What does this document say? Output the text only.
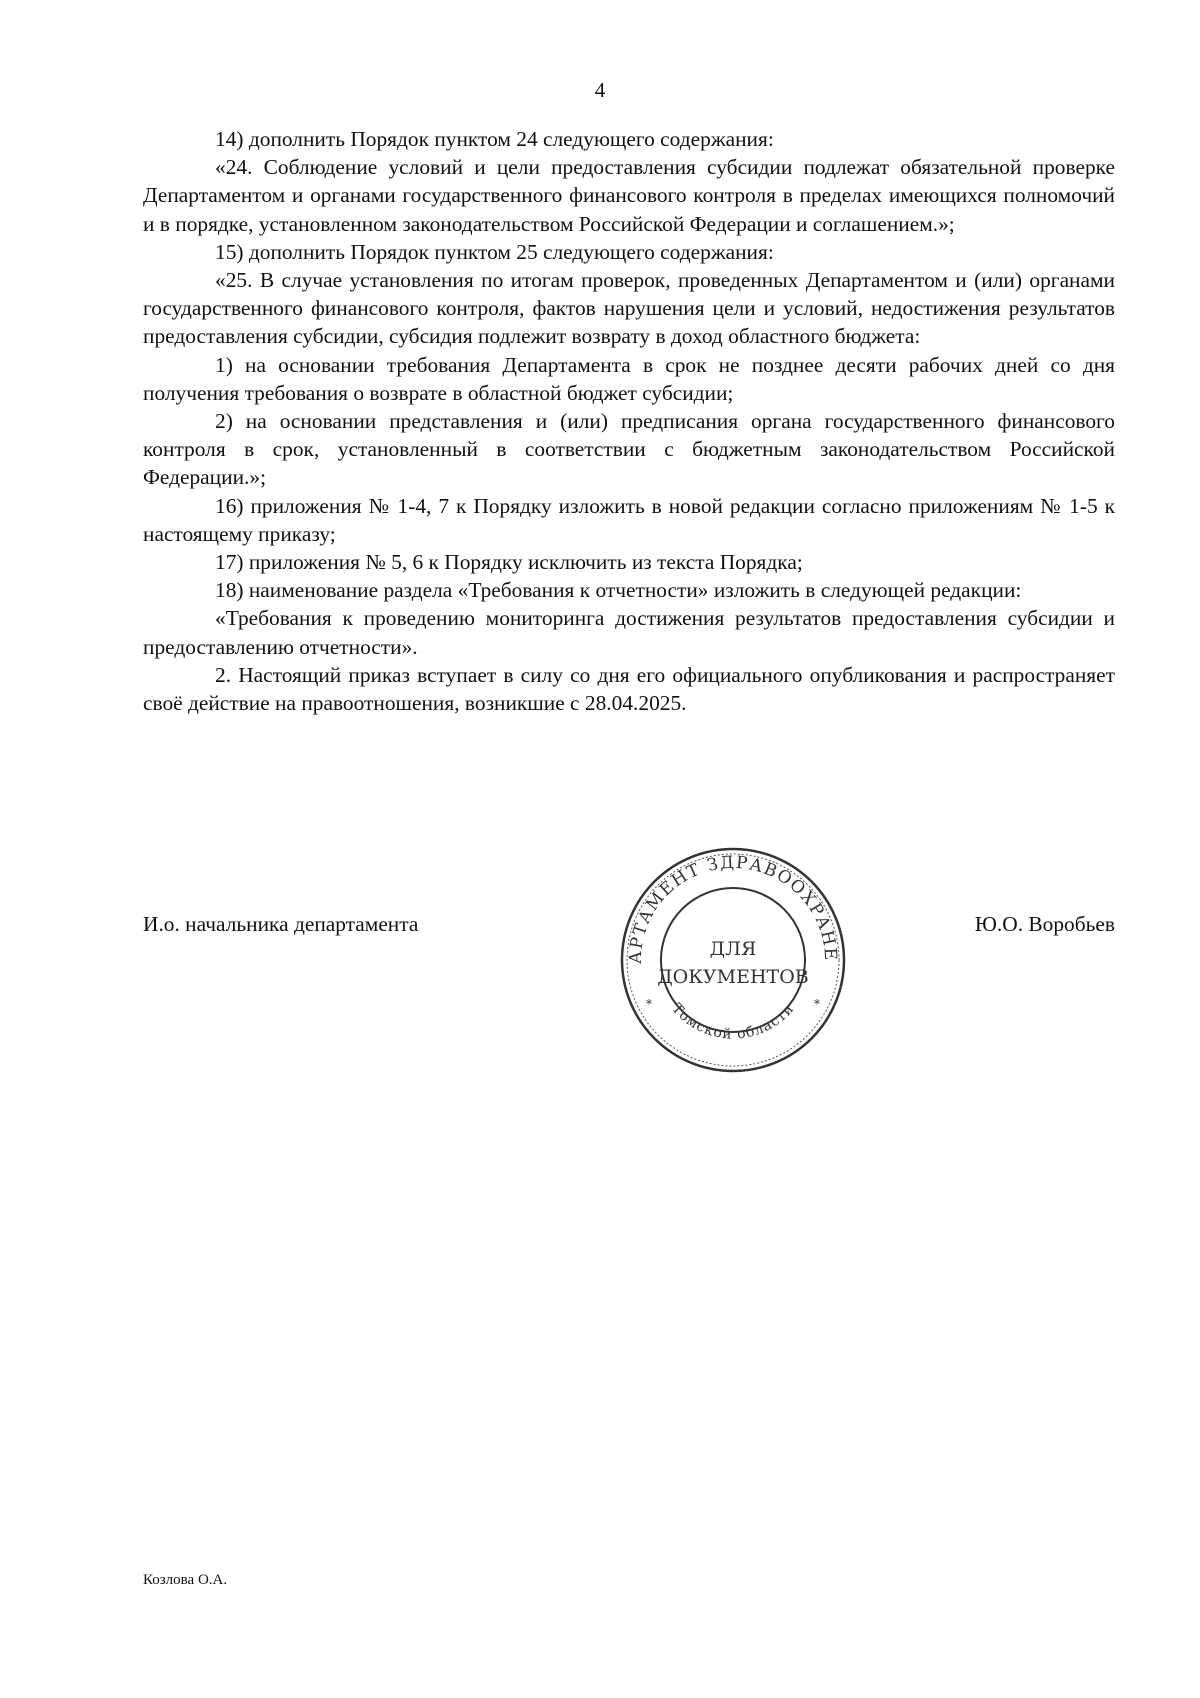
4

14) дополнить Порядок пунктом 24 следующего содержания:

«24. Соблюдение условий и цели предоставления субсидии подлежат обязательной проверке Департаментом и органами государственного финансового контроля в пределах имеющихся полномочий и в порядке, установленном законодательством Российской Федерации и соглашением.»;

15) дополнить Порядок пунктом 25 следующего содержания:

«25. В случае установления по итогам проверок, проведенных Департаментом и (или) органами государственного финансового контроля, фактов нарушения цели и условий, недостижения результатов предоставления субсидии, субсидия подлежит возврату в доход областного бюджета:

1) на основании требования Департамента в срок не позднее десяти рабочих дней со дня получения требования о возврате в областной бюджет субсидии;

2) на основании представления и (или) предписания органа государственного финансового контроля в срок, установленный в соответствии с бюджетным законодательством Российской Федерации.»;

16) приложения № 1-4, 7 к Порядку изложить в новой редакции согласно приложениям № 1-5 к настоящему приказу;

17) приложения № 5, 6 к Порядку исключить из текста Порядка;

18) наименование раздела «Требования к отчетности» изложить в следующей редакции:

«Требования к проведению мониторинга достижения результатов предоставления субсидии и предоставлению отчетности».

2. Настоящий приказ вступает в силу со дня его официального опубликования и распространяет своё действие на правоотношения, возникшие с 28.04.2025.

И.о. начальника департамента	Ю.О. Воробьев
АРТАМЕНТ ЗДРАВООХРАНЕ
Томской области
*	*
ДЛЯ
ДОКУМЕНТОВ
Козлова О.А.
